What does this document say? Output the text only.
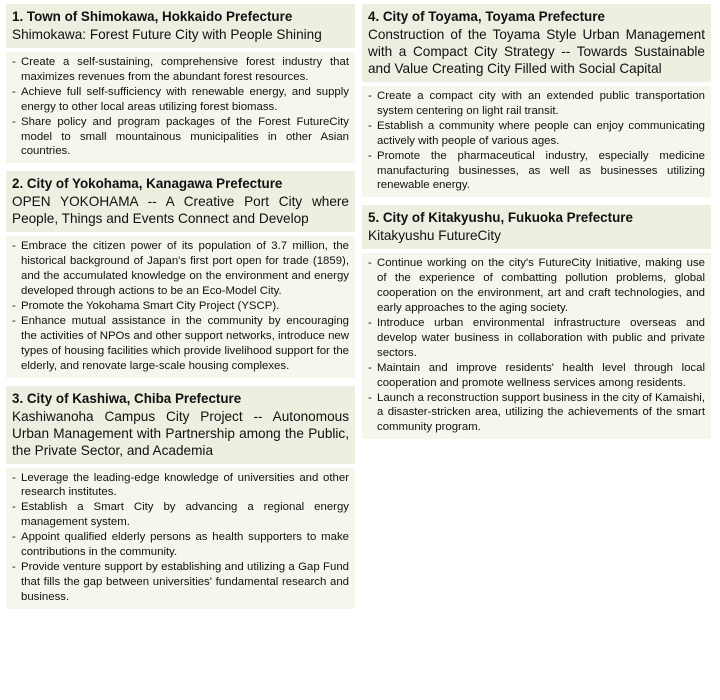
1. Town of Shimokawa, Hokkaido Prefecture
Shimokawa: Forest Future City with People Shining
- Create a self-sustaining, comprehensive forest industry that maximizes revenues from the abundant forest resources.
- Achieve full self-sufficiency with renewable energy, and supply energy to other local areas utilizing forest biomass.
- Share policy and program packages of the Forest FutureCity model to small mountainous municipalities in other Asian countries.
2. City of Yokohama, Kanagawa Prefecture
OPEN YOKOHAMA -- A Creative Port City where People, Things and Events Connect and Develop
- Embrace the citizen power of its population of 3.7 million, the historical background of Japan's first port open for trade (1859), and the accumulated knowledge on the environment and energy developed through actions to be an Eco-Model City.
- Promote the Yokohama Smart City Project (YSCP).
- Enhance mutual assistance in the community by encouraging the activities of NPOs and other support networks, introduce new types of housing facilities which provide livelihood support for the elderly, and renovate large-scale housing complexes.
3. City of Kashiwa, Chiba Prefecture
Kashiwanoha Campus City Project -- Autonomous Urban Management with Partnership among the Public, the Private Sector, and Academia
- Leverage the leading-edge knowledge of universities and other research institutes.
- Establish a Smart City by advancing a regional energy management system.
- Appoint qualified elderly persons as health supporters to make contributions in the community.
- Provide venture support by establishing and utilizing a Gap Fund that fills the gap between universities' fundamental research and business.
4. City of Toyama, Toyama Prefecture
Construction of the Toyama Style Urban Management with a Compact City Strategy -- Towards Sustainable and Value Creating City Filled with Social Capital
- Create a compact city with an extended public transportation system centering on light rail transit.
- Establish a community where people can enjoy communicating actively with people of various ages.
- Promote the pharmaceutical industry, especially medicine manufacturing businesses, as well as businesses utilizing renewable energy.
5. City of Kitakyushu, Fukuoka Prefecture
Kitakyushu FutureCity
- Continue working on the city's FutureCity Initiative, making use of the experience of combatting pollution problems, global cooperation on the environment, art and craft technologies, and early approaches to the aging society.
- Introduce urban environmental infrastructure overseas and develop water business in collaboration with public and private sectors.
- Maintain and improve residents' health level through local cooperation and promote wellness services among residents.
- Launch a reconstruction support business in the city of Kamaishi, a disaster-stricken area, utilizing the achievements of the smart community program.
